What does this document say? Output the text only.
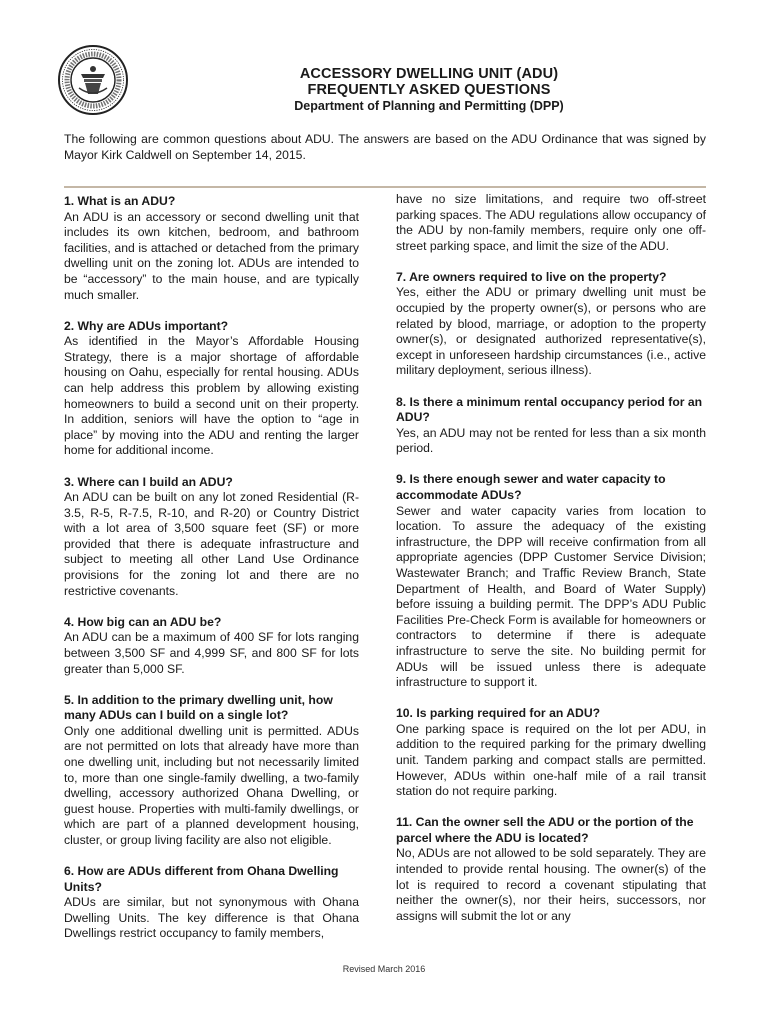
ACCESSORY DWELLING UNIT (ADU)
FREQUENTLY ASKED QUESTIONS
Department of Planning and Permitting (DPP)
The following are common questions about ADU. The answers are based on the ADU Ordinance that was signed by Mayor Kirk Caldwell on September 14, 2015.
1. What is an ADU?
An ADU is an accessory or second dwelling unit that includes its own kitchen, bedroom, and bathroom facilities, and is attached or detached from the primary dwelling unit on the zoning lot. ADUs are intended to be “accessory” to the main house, and are typically much smaller.
2. Why are ADUs important?
As identified in the Mayor’s Affordable Housing Strategy, there is a major shortage of affordable housing on Oahu, especially for rental housing. ADUs can help address this problem by allowing existing homeowners to build a second unit on their property. In addition, seniors will have the option to “age in place” by moving into the ADU and renting the larger home for additional income.
3. Where can I build an ADU?
An ADU can be built on any lot zoned Residential (R-3.5, R-5, R-7.5, R-10, and R-20) or Country District with a lot area of 3,500 square feet (SF) or more provided that there is adequate infrastructure and subject to meeting all other Land Use Ordinance provisions for the zoning lot and there are no restrictive covenants.
4. How big can an ADU be?
An ADU can be a maximum of 400 SF for lots ranging between 3,500 SF and 4,999 SF, and 800 SF for lots greater than 5,000 SF.
5. In addition to the primary dwelling unit, how many ADUs can I build on a single lot?
Only one additional dwelling unit is permitted. ADUs are not permitted on lots that already have more than one dwelling unit, including but not necessarily limited to, more than one single-family dwelling, a two-family dwelling, accessory authorized Ohana Dwelling, or guest house. Properties with multi-family dwellings, or which are part of a planned development housing, cluster, or group living facility are also not eligible.
6. How are ADUs different from Ohana Dwelling Units?
ADUs are similar, but not synonymous with Ohana Dwelling Units. The key difference is that Ohana Dwellings restrict occupancy to family members,
have no size limitations, and require two off-street parking spaces. The ADU regulations allow occupancy of the ADU by non-family members, require only one off-street parking space, and limit the size of the ADU.
7. Are owners required to live on the property?
Yes, either the ADU or primary dwelling unit must be occupied by the property owner(s), or persons who are related by blood, marriage, or adoption to the property owner(s), or designated authorized representative(s), except in unforeseen hardship circumstances (i.e., active military deployment, serious illness).
8. Is there a minimum rental occupancy period for an ADU?
Yes, an ADU may not be rented for less than a six month period.
9. Is there enough sewer and water capacity to accommodate ADUs?
Sewer and water capacity varies from location to location. To assure the adequacy of the existing infrastructure, the DPP will receive confirmation from all appropriate agencies (DPP Customer Service Division; Wastewater Branch; and Traffic Review Branch, State Department of Health, and Board of Water Supply) before issuing a building permit. The DPP’s ADU Public Facilities Pre-Check Form is available for homeowners or contractors to determine if there is adequate infrastructure to serve the site. No building permit for ADUs will be issued unless there is adequate infrastructure to support it.
10. Is parking required for an ADU?
One parking space is required on the lot per ADU, in addition to the required parking for the primary dwelling unit. Tandem parking and compact stalls are permitted. However, ADUs within one-half mile of a rail transit station do not require parking.
11. Can the owner sell the ADU or the portion of the parcel where the ADU is located?
No, ADUs are not allowed to be sold separately. They are intended to provide rental housing. The owner(s) of the lot is required to record a covenant stipulating that neither the owner(s), nor their heirs, successors, nor assigns will submit the lot or any
Revised March 2016
